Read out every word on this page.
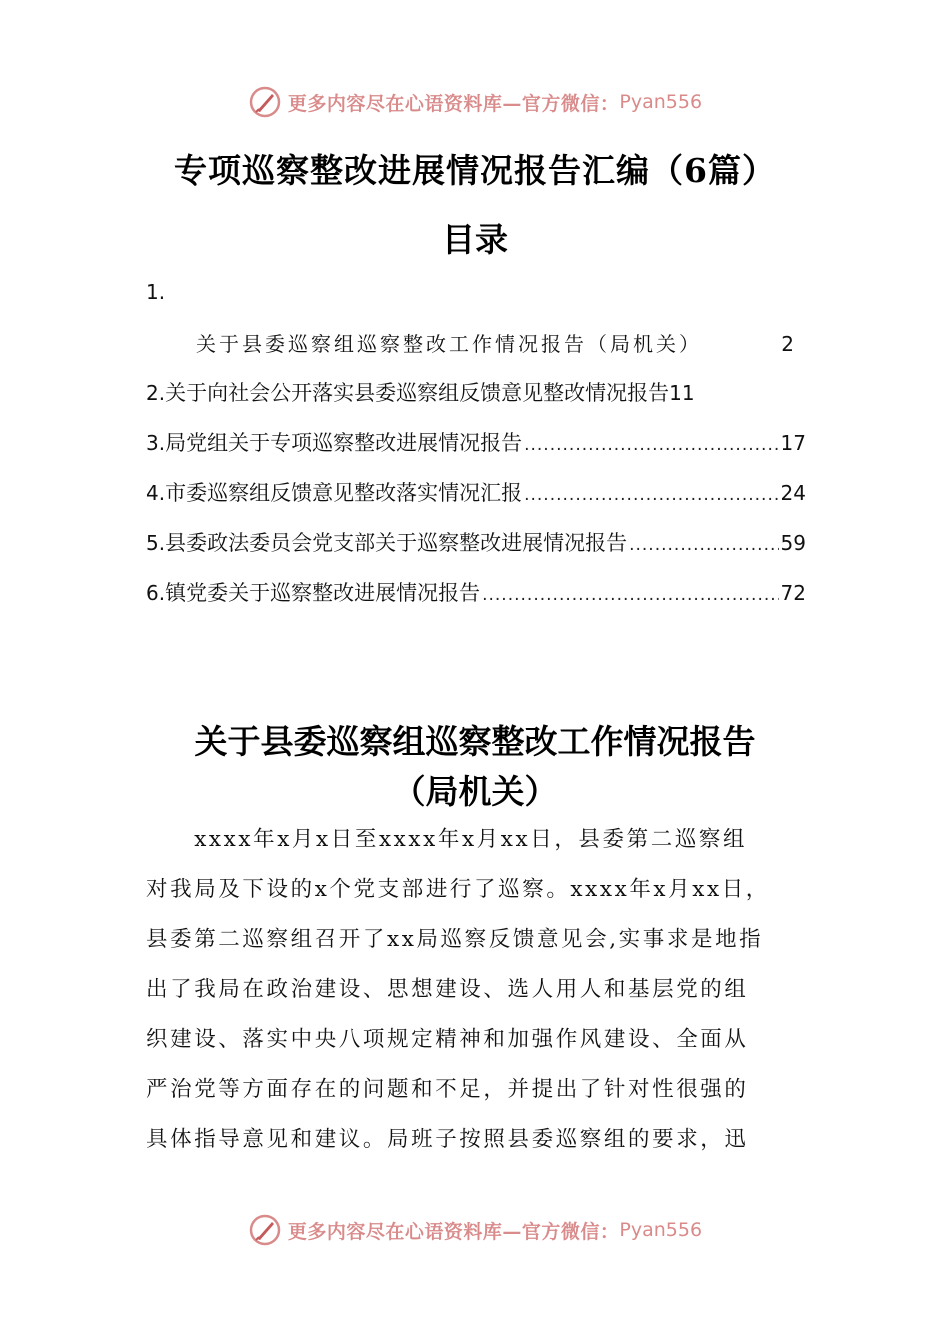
更多内容尽在心语资料库—官方微信： Pyan556
专项巡察整改进展情况报告汇编（6篇）
目录
1.
关于县委巡察组巡察整改工作情况报告（局机关）	2
2. 关于向社会公开落实县委巡察组反馈意见整改情况报告 11
3. 局党组关于专项巡察整改进展情况报告 .....	17
4. 市委巡察组反馈意见整改落实情况汇报 .....	24
5. 县委政法委员会党支部关于巡察整改进展情况报告 .....	59
6. 镇党委关于巡察整改进展情况报告 .....	72
关于县委巡察组巡察整改工作情况报告
（局机关）
　　xxxx年x月x日至xxxx年x月xx日，县委第二巡察组
对我局及下设的x个党支部进行了巡察。xxxx年x月xx日，
县委第二巡察组召开了xx局巡察反馈意见会,实事求是地指
出了我局在政治建设、思想建设、选人用人和基层党的组
织建设、落实中央八项规定精神和加强作风建设、全面从
严治党等方面存在的问题和不足，并提出了针对性很强的
具体指导意见和建议。局班子按照县委巡察组的要求，迅
更多内容尽在心语资料库—官方微信： Pyan556
